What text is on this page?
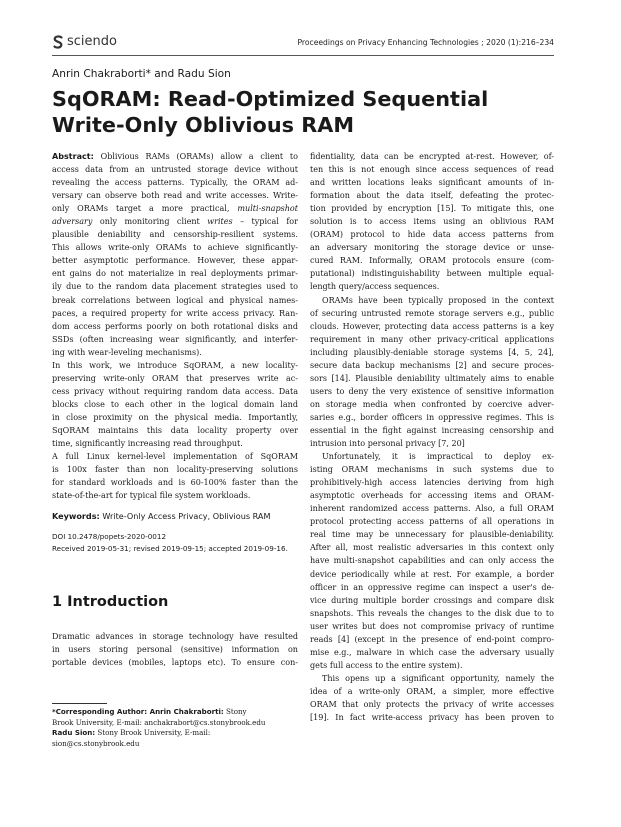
sciendo	Proceedings on Privacy Enhancing Technologies ; 2020 (1):216–234
Anrin Chakraborti* and Radu Sion
SqORAM: Read-Optimized Sequential
Write-Only Oblivious RAM
Abstract: Oblivious RAMs (ORAMs) allow a client to
access data from an untrusted storage device without
revealing the access patterns. Typically, the ORAM ad-
versary can observe both read and write accesses. Write-
only ORAMs target a more practical, multi-snapshot
adversary only monitoring client writes – typical for
plausible deniability and censorship-resilient systems.
This allows write-only ORAMs to achieve significantly-
better asymptotic performance. However, these appar-
ent gains do not materialize in real deployments primar-
ily due to the random data placement strategies used to
break correlations between logical and physical names-
paces, a required property for write access privacy. Ran-
dom access performs poorly on both rotational disks and
SSDs (often increasing wear significantly, and interfer-
ing with wear-leveling mechanisms).
In this work, we introduce SqORAM, a new locality-
preserving write-only ORAM that preserves write ac-
cess privacy without requiring random data access. Data
blocks close to each other in the logical domain land
in close proximity on the physical media. Importantly,
SqORAM maintains this data locality property over
time, significantly increasing read throughput.
A full Linux kernel-level implementation of SqORAM
is 100x faster than non locality-preserving solutions
for standard workloads and is 60-100% faster than the
state-of-the-art for typical file system workloads.
Keywords: Write-Only Access Privacy, Oblivious RAM
DOI 10.2478/popets-2020-0012
Received 2019-05-31; revised 2019-09-15; accepted 2019-09-16.
1 Introduction
Dramatic advances in storage technology have resulted
in users storing personal (sensitive) information on
portable devices (mobiles, laptops etc). To ensure con-
*Corresponding Author: Anrin Chakraborti: Stony
Brook University, E-mail: anchakrabort@cs.stonybrook.edu
Radu Sion: Stony Brook University, E-mail:
sion@cs.stonybrook.edu
fidentiality, data can be encrypted at-rest. However, of-
ten this is not enough since access sequences of read
and written locations leaks significant amounts of in-
formation about the data itself, defeating the protec-
tion provided by encryption [15]. To mitigate this, one
solution is to access items using an oblivious RAM
(ORAM) protocol to hide data access patterns from
an adversary monitoring the storage device or unse-
cured RAM. Informally, ORAM protocols ensure (com-
putational) indistinguishability between multiple equal-
length query/access sequences.
ORAMs have been typically proposed in the context
of securing untrusted remote storage servers e.g., public
clouds. However, protecting data access patterns is a key
requirement in many other privacy-critical applications
including plausibly-deniable storage systems [4, 5, 24],
secure data backup mechanisms [2] and secure proces-
sors [14]. Plausible deniability ultimately aims to enable
users to deny the very existence of sensitive information
on storage media when confronted by coercive adver-
saries e.g., border officers in oppressive regimes. This is
essential in the fight against increasing censorship and
intrusion into personal privacy [7, 20]
Unfortunately, it is impractical to deploy ex-
isting ORAM mechanisms in such systems due to
prohibitively-high access latencies deriving from high
asymptotic overheads for accessing items and ORAM-
inherent randomized access patterns. Also, a full ORAM
protocol protecting access patterns of all operations in
real time may be unnecessary for plausible-deniability.
After all, most realistic adversaries in this context only
have multi-snapshot capabilities and can only access the
device periodically while at rest. For example, a border
officer in an oppressive regime can inspect a user's de-
vice during multiple border crossings and compare disk
snapshots. This reveals the changes to the disk due to to
user writes but does not compromise privacy of runtime
reads [4] (except in the presence of end-point compro-
mise e.g., malware in which case the adversary usually
gets full access to the entire system).
This opens up a significant opportunity, namely the
idea of a write-only ORAM, a simpler, more effective
ORAM that only protects the privacy of write accesses
[19]. In fact write-access privacy has been proven to
